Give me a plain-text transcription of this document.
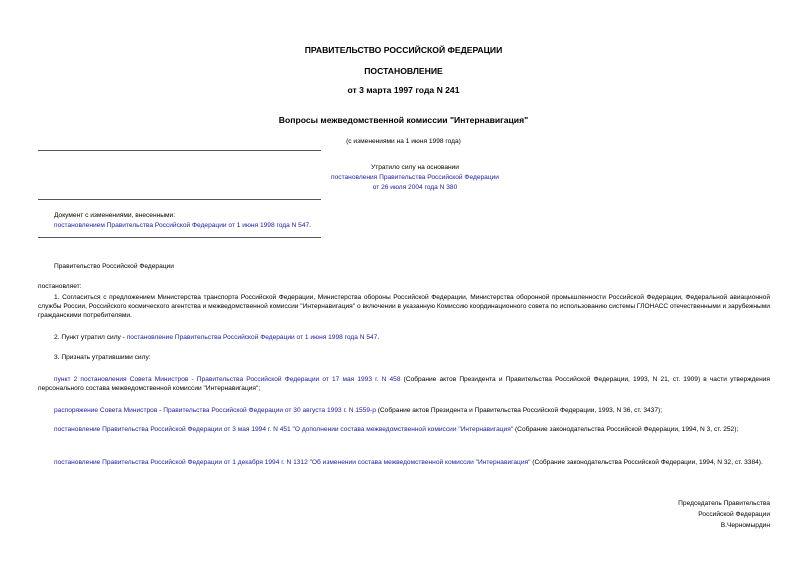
ПРАВИТЕЛЬСТВО РОССИЙСКОЙ ФЕДЕРАЦИИ
ПОСТАНОВЛЕНИЕ
от 3 марта 1997 года N 241
Вопросы межведомственной комиссии "Интернавигация"
(с изменениями на 1 июня 1998 года)
Утратило силу на основании
постановления Правительства Российской Федерации
от 26 июля 2004 года N 380
Документ с изменениями, внесенными:
постановлением Правительства Российской Федерации от 1 июня 1998 года N 547.
Правительство Российской Федерации
постановляет:

1. Согласиться с предложением Министерства транспорта Российской Федерации, Министерства обороны Российской Федерации, Министерства оборонной промышленности Российской Федерации, Федеральной авиационной службы России, Российского космического агентства и межведомственной комиссии "Интернавигация" о включении в указанную Комиссию координационного совета по использованию системы ГЛОНАСС отечественными и зарубежными гражданскими потребителями.

2. Пункт утратил силу - постановление Правительства Российской Федерации от 1 июня 1998 года N 547.

3. Признать утратившими силу:

пункт 2 постановления Совета Министров - Правительства Российской Федерации от 17 мая 1993 г. N 458 (Собрание актов Президента и Правительства Российской Федерации, 1993, N 21, ст. 1909) в части утверждения персонального состава межведомственной комиссии "Интернавигация";

распоряжение Совета Министров - Правительства Российской Федерации от 30 августа 1993 г. N 1559-р (Собрание актов Президента и Правительства Российской Федерации, 1993, N 36, ст. 3437);

постановление Правительства Российской Федерации от 3 мая 1994 г. N 451 "О дополнении состава межведомственной комиссии "Интернавигация" (Собрание законодательства Российской Федерации, 1994, N 3, ст. 252);

постановление Правительства Российской Федерации от 1 декабря 1994 г. N 1312 "Об изменении состава межведомственной комиссии "Интернавигация" (Собрание законодательства Российской Федерации, 1994, N 32, ст. 3384).

Председатель Правительства
Российской Федерации
В.Черномырдин
